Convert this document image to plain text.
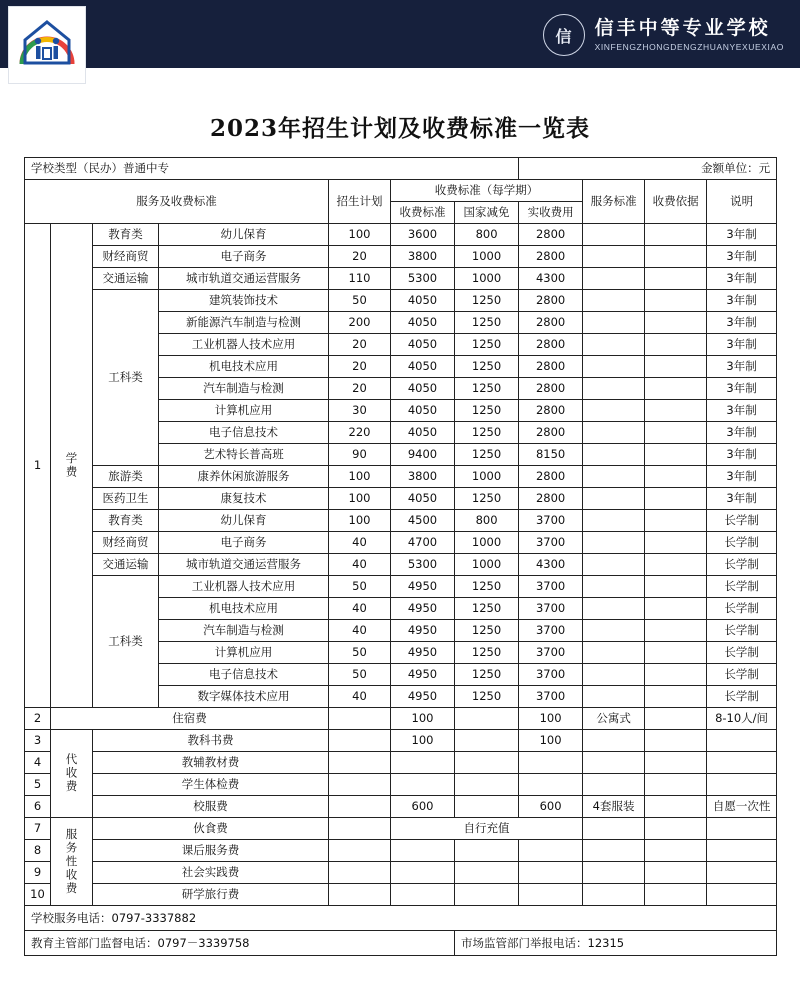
信 信丰中等专业学校
XINFENGZHONGDENGZHUANYEXUEXIAO
2023年招生计划及收费标准一览表
学校类型（民办）普通中专							金额单位：元			
服务及收费标准				招生计划	收费标准（每学期）			服务标准	收费依据	说明
					收费标准	国家减免	实收费用			
1	学费	教育类	幼儿保育	100	3600	800	2800			3年制
		财经商贸	电子商务	20	3800	1000	2800			3年制
		交通运输	城市轨道交通运营服务	110	5300	1000	4300			3年制
		工科类	建筑装饰技术	50	4050	1250	2800			3年制
			新能源汽车制造与检测	200	4050	1250	2800			3年制
			工业机器人技术应用	20	4050	1250	2800			3年制
			机电技术应用	20	4050	1250	2800			3年制
			汽车制造与检测	20	4050	1250	2800			3年制
			计算机应用	30	4050	1250	2800			3年制
			电子信息技术	220	4050	1250	2800			3年制
			艺术特长普高班	90	9400	1250	8150			3年制
		旅游类	康养休闲旅游服务	100	3800	1000	2800			3年制
		医药卫生	康复技术	100	4050	1250	2800			3年制
		教育类	幼儿保育	100	4500	800	3700			长学制
		财经商贸	电子商务	40	4700	1000	3700			长学制
		交通运输	城市轨道交通运营服务	40	5300	1000	4300			长学制
		工科类	工业机器人技术应用	50	4950	1250	3700			长学制
			机电技术应用	40	4950	1250	3700			长学制
			汽车制造与检测	40	4950	1250	3700			长学制
			计算机应用	50	4950	1250	3700			长学制
			电子信息技术	50	4950	1250	3700			长学制
			数字媒体技术应用	40	4950	1250	3700			长学制
2	住宿费				100		100	公寓式		8-10人/间
3	代收费	教科书费			100		100			
4		教辅教材费								
5		学生体检费								
6		校服费			600		600	4套服装		自愿一次性
7	服务性收费	伙食费			自行充值					
8		课后服务费								
9		社会实践费								
10		研学旅行费								
学校服务电话：0797-3337882										
教育主管部门监督电话：0797－3339758						市场监管部门举报电话：12315				
